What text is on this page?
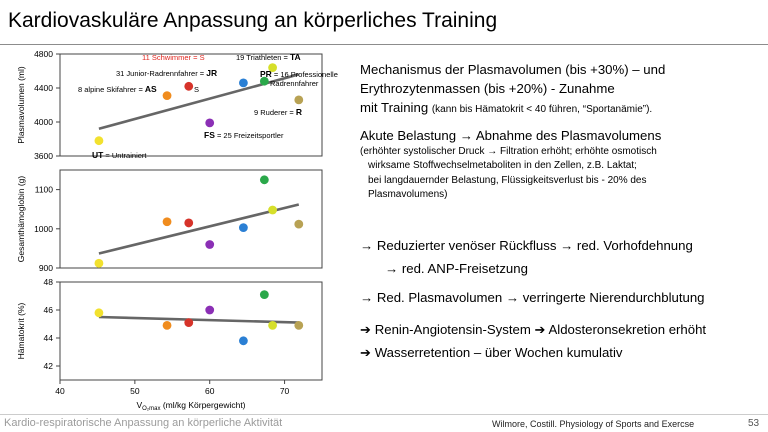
Kardiovaskuläre Anpassung an körperliches Training
3600
4000
4400
4800
Plasmavolumen (ml)
900
1000
1100
Gesamthämoglobin (g)
42
44
46
48
Hämatokrit (%)
40	50	60	70
$V_{O_2max}$ (ml/kg Körpergewicht)
11 Schwimmer = S	19 Triathleten = TA
31 Junior-Radrennfahrer = JR
8 alpine Skifahrer = AS	S
PR = 16 Professionelle
Radrennfahrer
9 Ruderer = R
FS = 25 Freizeitsportler
UT = Untrainiert

Mechanismus der Plasmavolumen (bis +30%) – und

Erythrozytenmassen (bis +20%) - Zunahme

mit Training (kann bis Hämatokrit < 40 führen, “Sportanämie”).

Akute Belastung → Abnahme des Plasmavolumens

(erhöhter systolischer Druck → Filtration erhöht; erhöhte osmotisch

wirksame Stoffwechselmetaboliten in den Zellen, z.B. Laktat;

bei langdauernder Belastung, Flüssigkeitsverlust bis - 20% des

Plasmavolumens)

→ Reduzierter venöser Rückfluss → red. Vorhofdehnung
→ red. ANP-Freisetzung
→ Red. Plasmavolumen → verringerte Nierendurchblutung
➔ Renin-Angiotensin-System ➔ Aldosteronsekretion erhöht
➔ Wasserretention – über Wochen kumulativ
Kardio-respiratorische Anpassung an körperliche Aktivität	Wilmore, Costill. Physiology of Sports and Exercse	53
